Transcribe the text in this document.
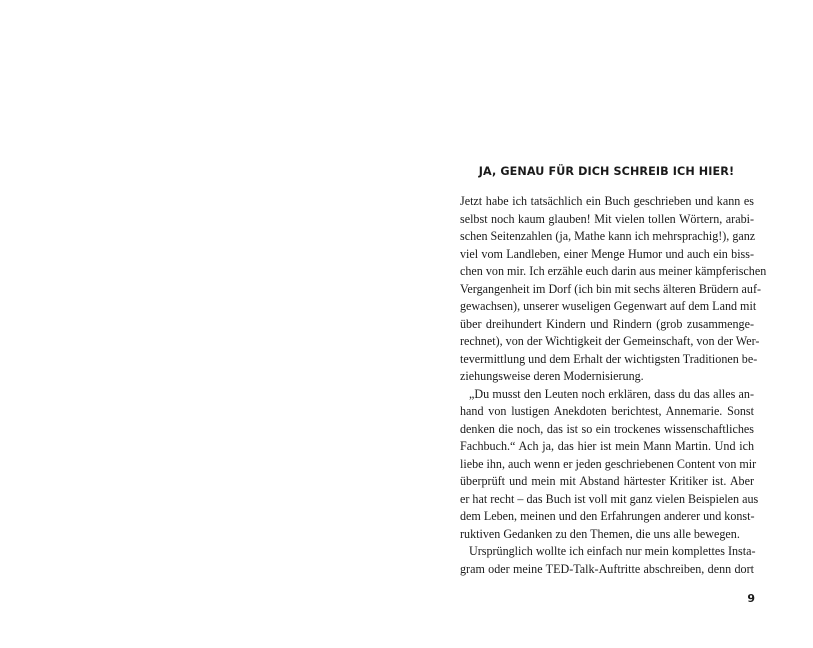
JA, GENAU FÜR DICH SCHREIB ICH HIER!
Jetzt habe ich tatsächlich ein Buch geschrieben und kann es
selbst noch kaum glauben! Mit vielen tollen Wörtern, arabi-
schen Seitenzahlen (ja, Mathe kann ich mehrsprachig!), ganz
viel vom Landleben, einer Menge Humor und auch ein biss-
chen von mir. Ich erzähle euch darin aus meiner kämpferischen
Vergangenheit im Dorf (ich bin mit sechs älteren Brüdern auf-
gewachsen), unserer wuseligen Gegenwart auf dem Land mit
über dreihundert Kindern und Rindern (grob zusammenge-
rechnet), von der Wichtigkeit der Gemeinschaft, von der Wer-
tevermittlung und dem Erhalt der wichtigsten Traditionen be-
ziehungsweise deren Modernisierung.
„Du musst den Leuten noch erklären, dass du das alles an-
hand von lustigen Anekdoten berichtest, Annemarie. Sonst
denken die noch, das ist so ein trockenes wissenschaftliches
Fachbuch.“ Ach ja, das hier ist mein Mann Martin. Und ich
liebe ihn, auch wenn er jeden geschriebenen Content von mir
überprüft und mein mit Abstand härtester Kritiker ist. Aber
er hat recht – das Buch ist voll mit ganz vielen Beispielen aus
dem Leben, meinen und den Erfahrungen anderer und konst-
ruktiven Gedanken zu den Themen, die uns alle bewegen.
Ursprünglich wollte ich einfach nur mein komplettes Insta-
gram oder meine TED-Talk-Auftritte abschreiben, denn dort
9
